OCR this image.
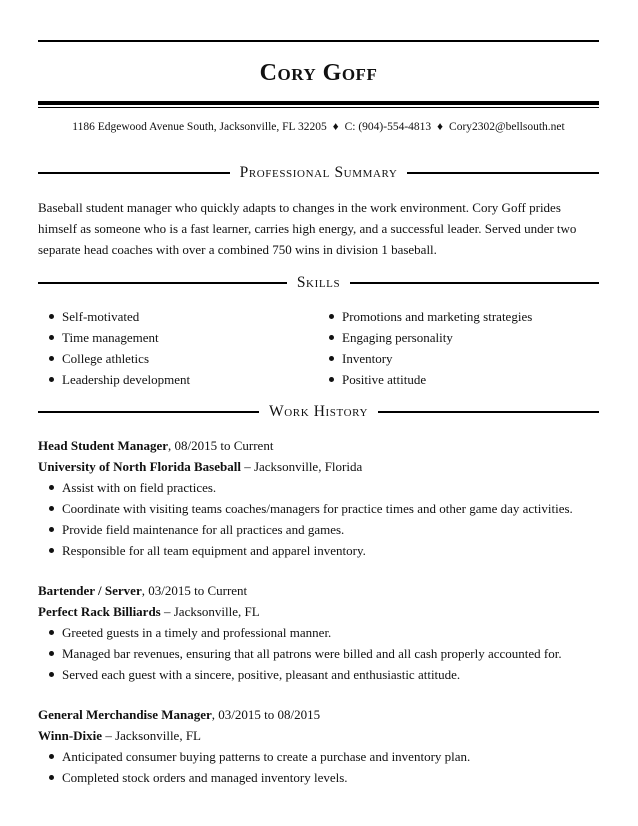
Cory Goff
1186 Edgewood Avenue South, Jacksonville, FL 32205 ♦ C: (904)-554-4813 ♦ Cory2302@bellsouth.net
Professional Summary
Baseball student manager who quickly adapts to changes in the work environment. Cory Goff prides himself as someone who is a fast learner, carries high energy, and a successful leader. Served under two separate head coaches with over a combined 750 wins in division 1 baseball.
Skills
Self-motivated
Time management
College athletics
Leadership development
Promotions and marketing strategies
Engaging personality
Inventory
Positive attitude
Work History
Head Student Manager, 08/2015 to Current
University of North Florida Baseball – Jacksonville, Florida
Assist with on field practices.
Coordinate with visiting teams coaches/managers for practice times and other game day activities.
Provide field maintenance for all practices and games.
Responsible for all team equipment and apparel inventory.
Bartender / Server, 03/2015 to Current
Perfect Rack Billiards – Jacksonville, FL
Greeted guests in a timely and professional manner.
Managed bar revenues, ensuring that all patrons were billed and all cash properly accounted for.
Served each guest with a sincere, positive, pleasant and enthusiastic attitude.
General Merchandise Manager, 03/2015 to 08/2015
Winn-Dixie – Jacksonville, FL
Anticipated consumer buying patterns to create a purchase and inventory plan.
Completed stock orders and managed inventory levels.
